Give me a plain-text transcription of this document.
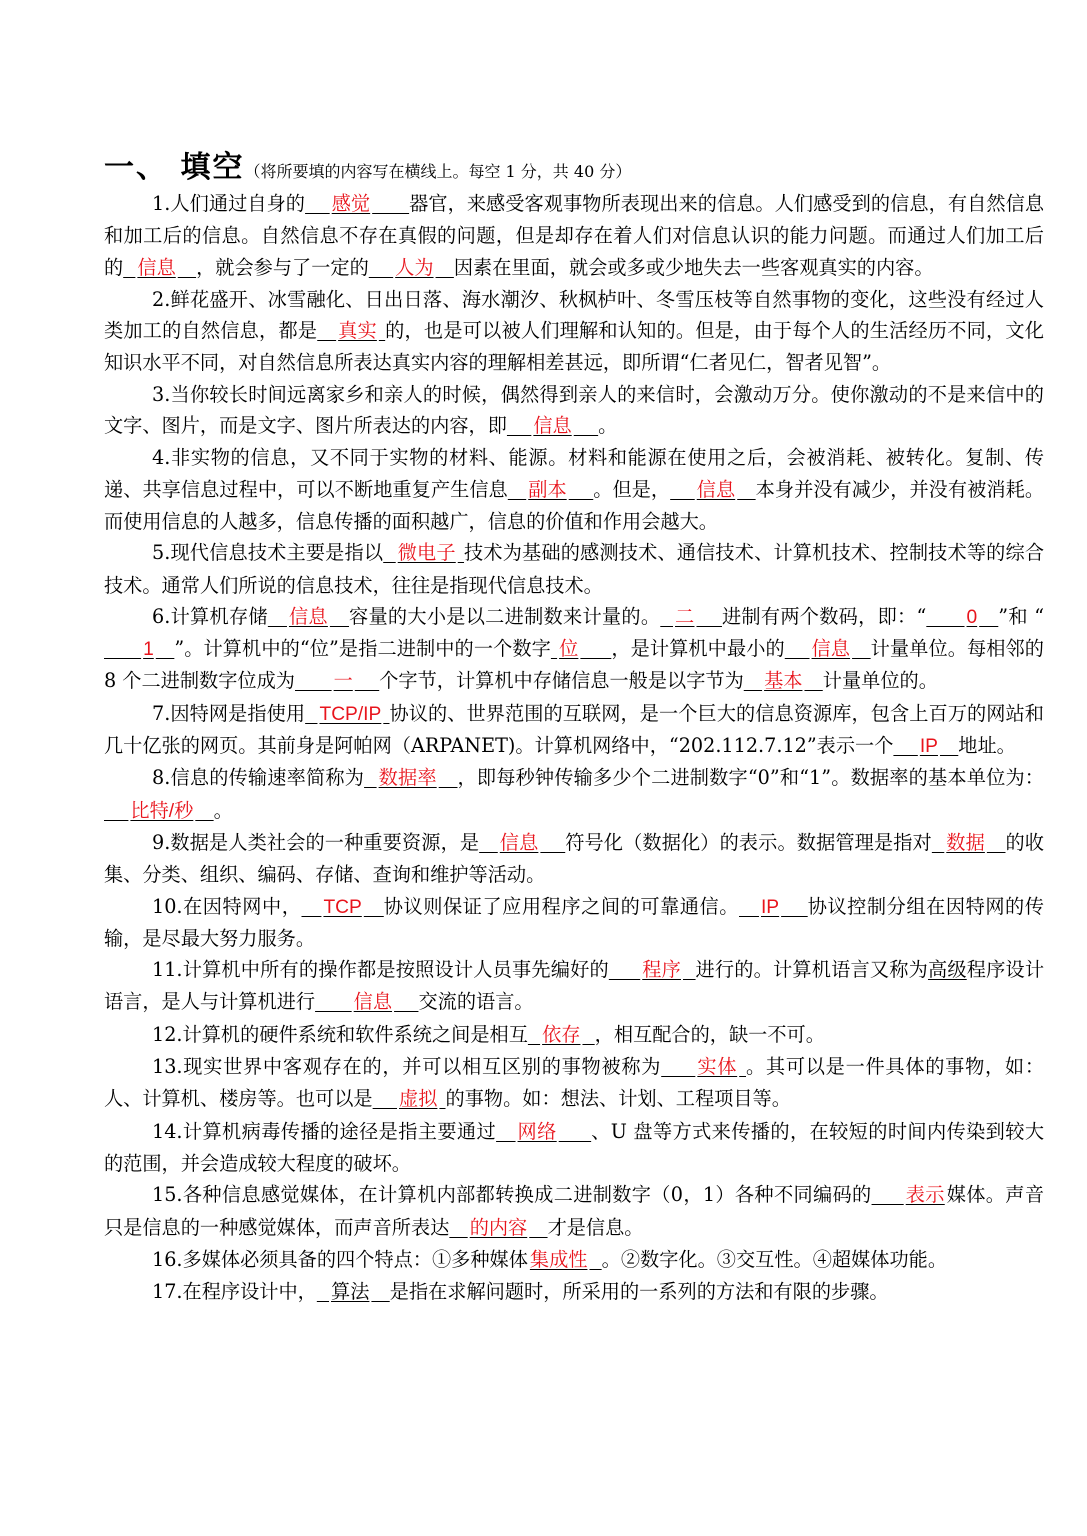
一、 填空（将所要填的内容写在横线上。每空 1 分，共 40 分）

1.人们通过自身的 感觉 器官，来感受客观事物所表现出来的信息。人们感受到的信息，有自然信息和加工后的信息。自然信息不存在真假的问题，但是却存在着人们对信息认识的能力问题。而通过人们加工后的 信息 ，就会参与了一定的 人为 因素在里面，就会或多或少地失去一些客观真实的内容。

2.鲜花盛开、冰雪融化、日出日落、海水潮汐、秋枫栌叶、冬雪压枝等自然事物的变化，这些没有经过人类加工的自然信息，都是 真实 的，也是可以被人们理解和认知的。但是，由于每个人的生活经历不同，文化知识水平不同，对自然信息所表达真实内容的理解相差甚远，即所谓“仁者见仁，智者见智”。

3.当你较长时间远离家乡和亲人的时候，偶然得到亲人的来信时，会激动万分。使你激动的不是来信中的文字、图片，而是文字、图片所表达的内容，即 信息 。

4.非实物的信息，又不同于实物的材料、能源。材料和能源在使用之后，会被消耗、被转化。复制、传递、共享信息过程中，可以不断地重复产生信息 副本 。但是， 信息 本身并没有减少，并没有被消耗。而使用信息的人越多，信息传播的面积越广，信息的价值和作用会越大。

5.现代信息技术主要是指以 微电子 技术为基础的感测技术、通信技术、计算机技术、控制技术等的综合技术。通常人们所说的信息技术，往往是指现代信息技术。

6.计算机存储 信息 容量的大小是以二进制数来计量的。 二 进制有两个数码，即：“ 0 ”和 “      1 ”。计算机中的“位”是指二进制中的一个数字 位 ，是计算机中最小的 信息 计量单位。每相邻的 8 个二进制数字位成为 一 个字节，计算机中存储信息一般是以字节为 基本 计量单位的。

7.因特网是指使用 TCP/IP 协议的、世界范围的互联网，是一个巨大的信息资源库，包含上百万的网站和几十亿张的网页。其前身是阿帕网（ARPANET)。计算机网络中，“202.112.7.12”表示一个 IP 地址。

8.信息的传输速率简称为 数据率 ，即每秒钟传输多少个二进制数字“0”和“1”。数据率的基本单位为：    比特/秒 。

9.数据是人类社会的一种重要资源，是 信息 符号化（数据化）的表示。数据管理是指对 数据 的收集、分类、组织、编码、存储、查询和维护等活动。

10.在因特网中， TCP 协议则保证了应用程序之间的可靠通信。 IP 协议控制分组在因特网的传输，是尽最大努力服务。

11.计算机中所有的操作都是按照设计人员事先编好的 程序 进行的。计算机语言又称为高级程序设计语言，是人与计算机进行 信息 交流的语言。

12.计算机的硬件系统和软件系统之间是相互 依存 ，相互配合的，缺一不可。

13.现实世界中客观存在的，并可以相互区别的事物被称为 实体 。其可以是一件具体的事物，如：人、计算机、楼房等。也可以是 虚拟 的事物。如：想法、计划、工程项目等。

14.计算机病毒传播的途径是指主要通过 网络 、U 盘等方式来传播的，在较短的时间内传染到较大的范围，并会造成较大程度的破坏。

15.各种信息感觉媒体，在计算机内部都转换成二进制数字（0，1）各种不同编码的 表示 媒体。声音只是信息的一种感觉媒体，而声音所表达 的内容 才是信息。

16.多媒体必须具备的四个特点：①多种媒体 集成性 。②数字化。③交互性。④超媒体功能。

17.在程序设计中， 算法 是指在求解问题时，所采用的一系列的方法和有限的步骤。
